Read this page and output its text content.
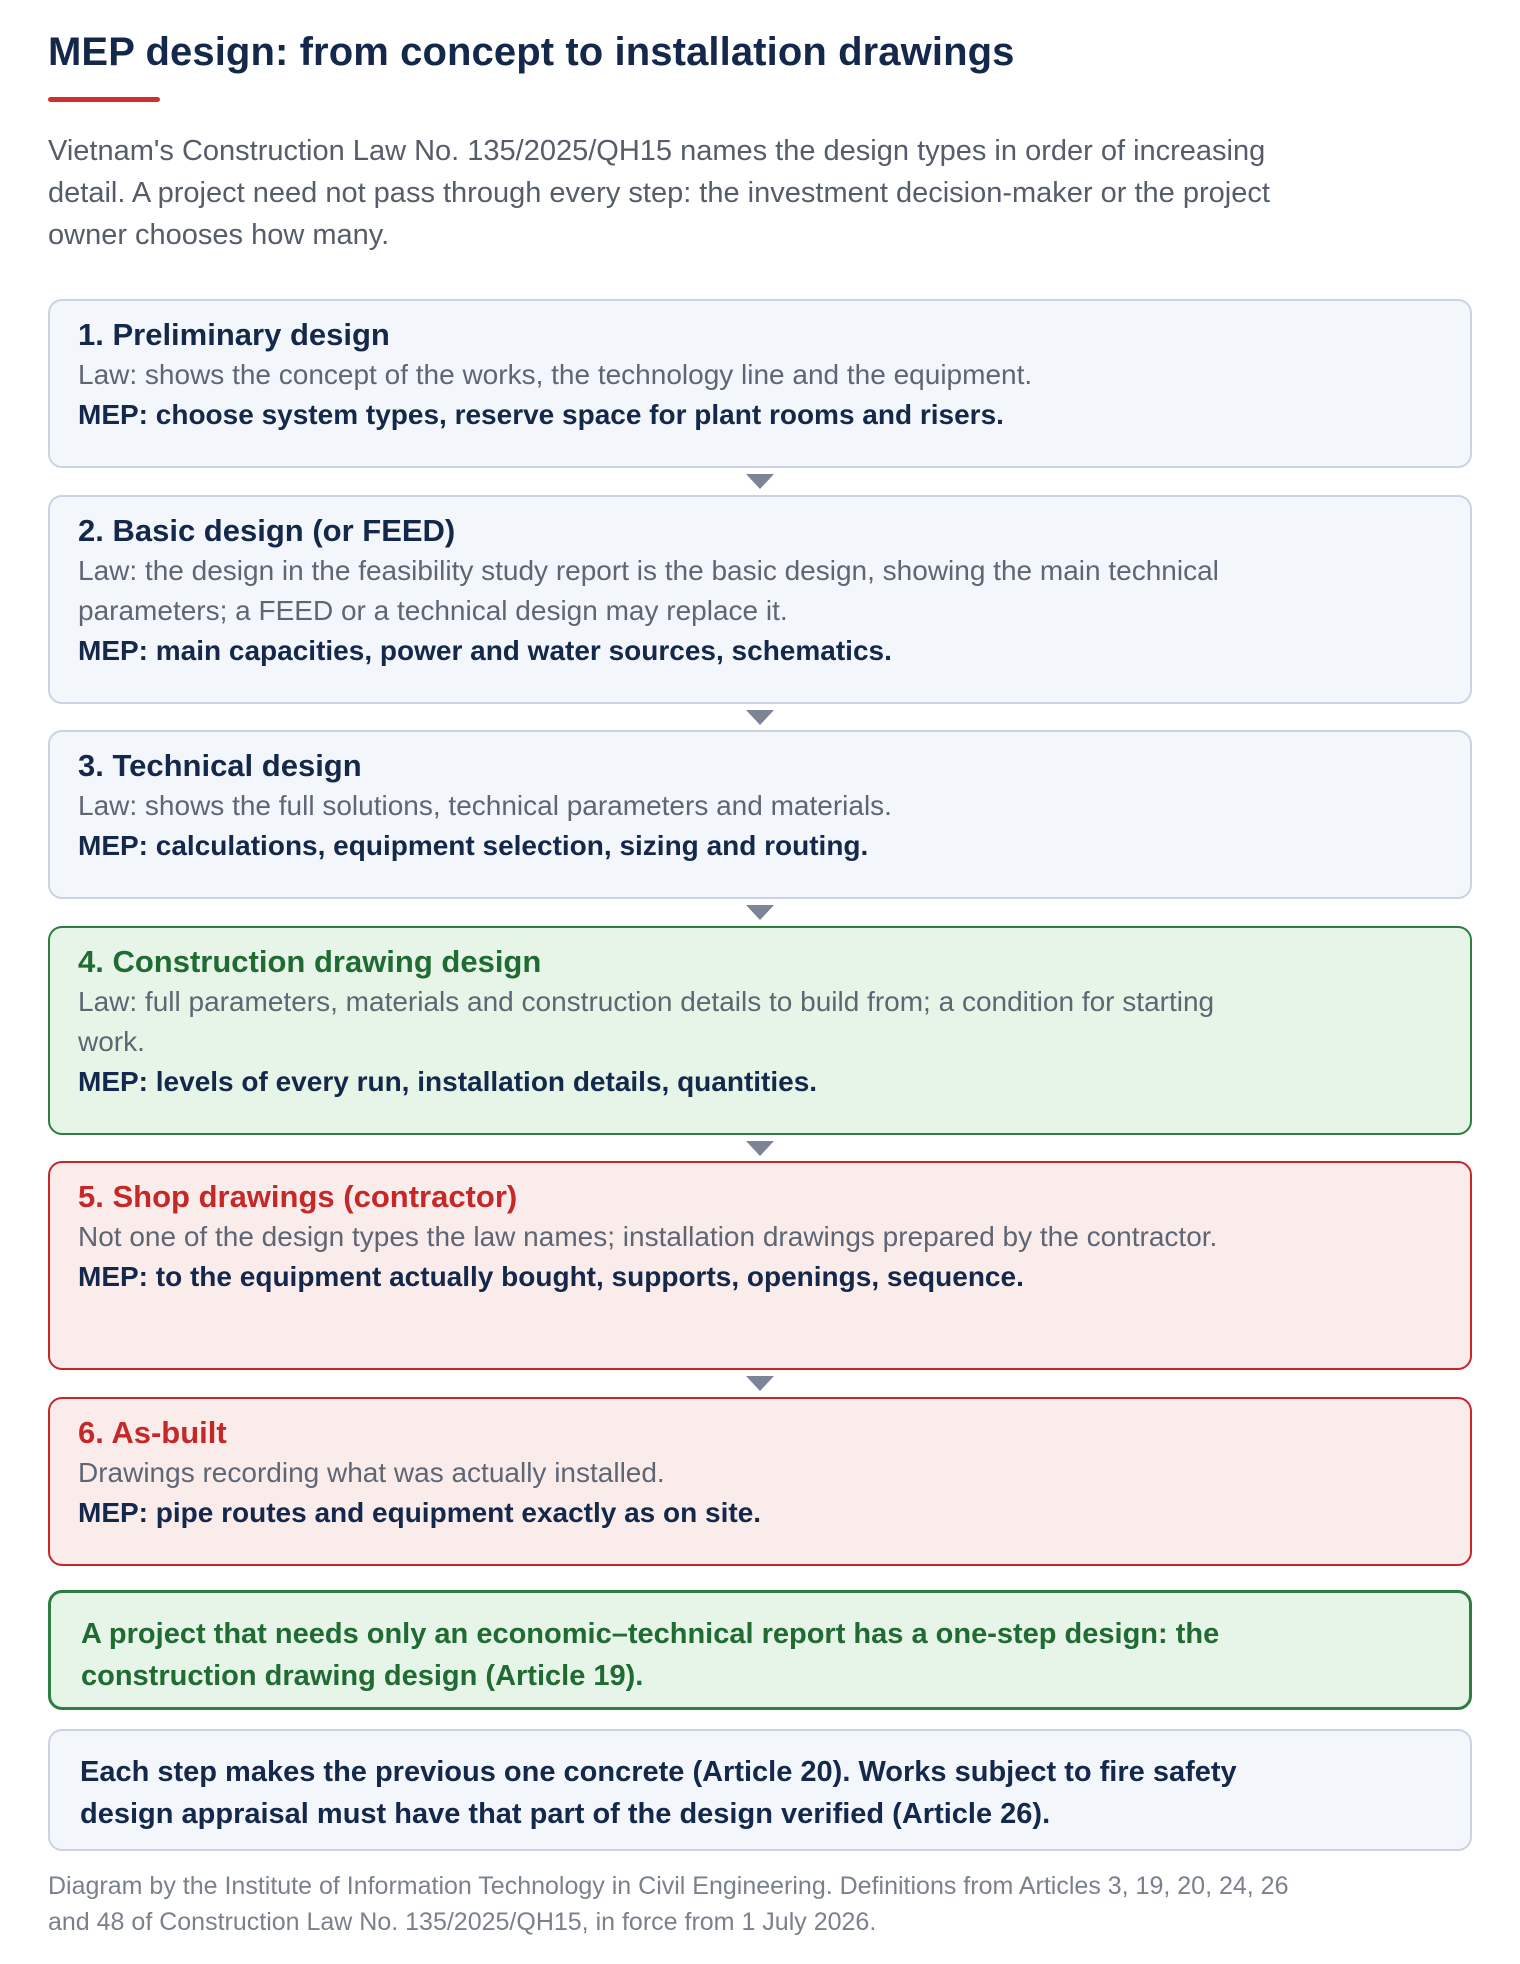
MEP design: from concept to installation drawings

Vietnam's Construction Law No. 135/2025/QH15 names the design types in order of increasing detail. A project need not pass through every step: the investment decision-maker or the project owner chooses how many.

1. Preliminary design
Law: shows the concept of the works, the technology line and the equipment.
MEP: choose system types, reserve space for plant rooms and risers.
2. Basic design (or FEED)
Law: the design in the feasibility study report is the basic design, showing the main technical parameters; a FEED or a technical design may replace it.
MEP: main capacities, power and water sources, schematics.
3. Technical design
Law: shows the full solutions, technical parameters and materials.
MEP: calculations, equipment selection, sizing and routing.
4. Construction drawing design
Law: full parameters, materials and construction details to build from; a condition for starting work.
MEP: levels of every run, installation details, quantities.
5. Shop drawings (contractor)
Not one of the design types the law names; installation drawings prepared by the contractor.
MEP: to the equipment actually bought, supports, openings, sequence.
6. As-built
Drawings recording what was actually installed.
MEP: pipe routes and equipment exactly as on site.
A project that needs only an economic–technical report has a one-step design: the construction drawing design (Article 19).
Each step makes the previous one concrete (Article 20). Works subject to fire safety design appraisal must have that part of the design verified (Article 26).

Diagram by the Institute of Information Technology in Civil Engineering. Definitions from Articles 3, 19, 20, 24, 26 and 48 of Construction Law No. 135/2025/QH15, in force from 1 July 2026.
